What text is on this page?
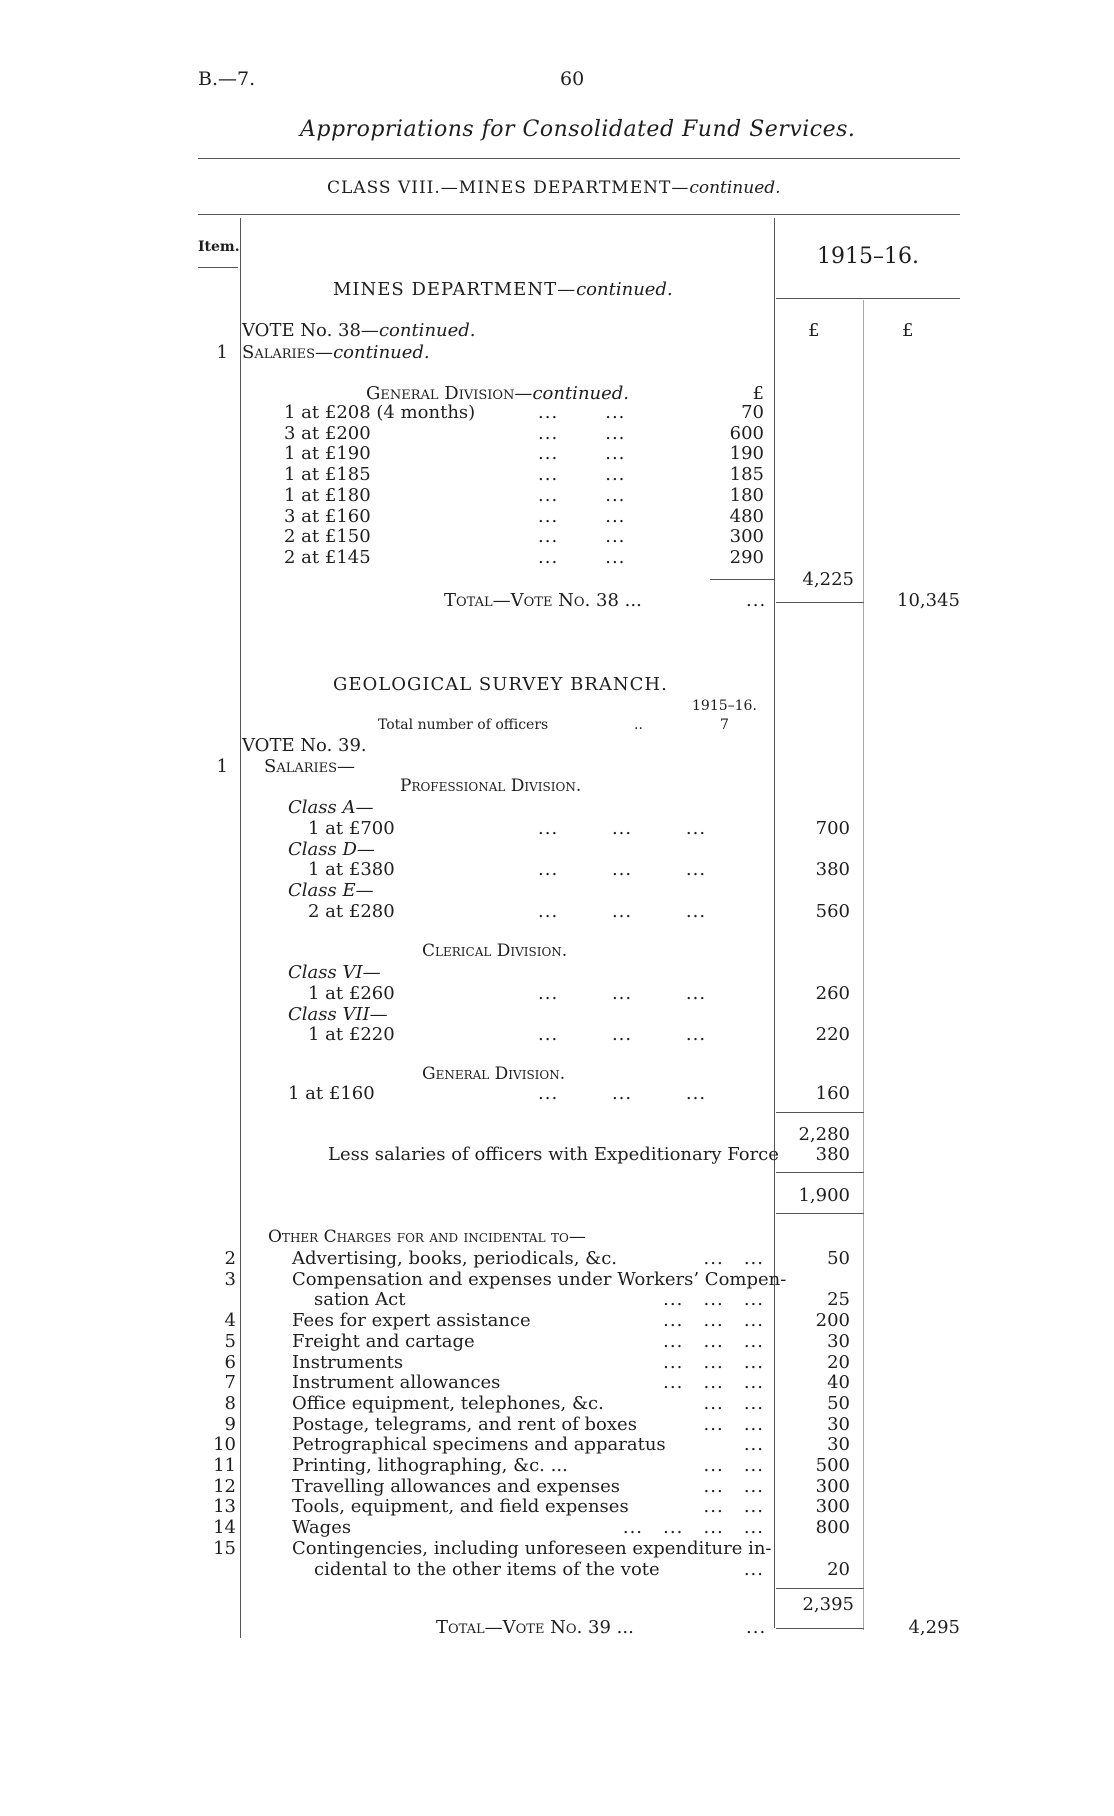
B.—7.	60
Appropriations for Consolidated Fund Services.
CLASS VIII.—MINES DEPARTMENT—continued.
Item.	1915–16.
£	£
MINES DEPARTMENT—continued.
VOTE No. 38—continued.
1 Salaries—continued.
General Division—continued.	£
1 at £208 (4 months)	...       ...	70
3 at £200	...       ...	600
1 at £190	...       ...	190
1 at £185	...       ...	185
1 at £180	...       ...	180
3 at £160	...       ...	480
2 at £150	...       ...	300
2 at £145	...       ...	290
4,225
Total—Vote No. 38 ...	...	10,345
GEOLOGICAL SURVEY BRANCH.
1915–16.
Total number of officers	..	7
VOTE No. 39.
1 Salaries—
Professional Division.
Class A—
1 at £700	...        ...        ...	700
Class D—
1 at £380	...        ...        ...	380
Class E—
2 at £280	...        ...        ...	560
Clerical Division.
Class VI—
1 at £260	...        ...        ...	260
Class VII—
1 at £220	...        ...        ...	220
General Division.
1 at £160	...        ...        ...	160
2,280
Less salaries of officers with Expeditionary Force	380
1,900
Other Charges for and incidental to—
2	Advertising, books, periodicals, &c.	...   ...	50
3	Compensation and expenses under Workers’ Compen-
sation Act	...   ...   ...	25
4	Fees for expert assistance	...   ...   ...	200
5	Freight and cartage	...   ...   ...	30
6	Instruments	...   ...   ...	20
7	Instrument allowances	...   ...   ...	40
8	Office equipment, telephones, &c.	...   ...	50
9	Postage, telegrams, and rent of boxes	...   ...	30
10	Petrographical specimens and apparatus	...	30
11	Printing, lithographing, &c. ...	...   ...	500
12	Travelling allowances and expenses	...   ...	300
13	Tools, equipment, and field expenses	...   ...	300
14	Wages	...   ...   ...   ...	800
15	Contingencies, including unforeseen expenditure in-
cidental to the other items of the vote	...	20
2,395
Total—Vote No. 39 ...	...	4,295
